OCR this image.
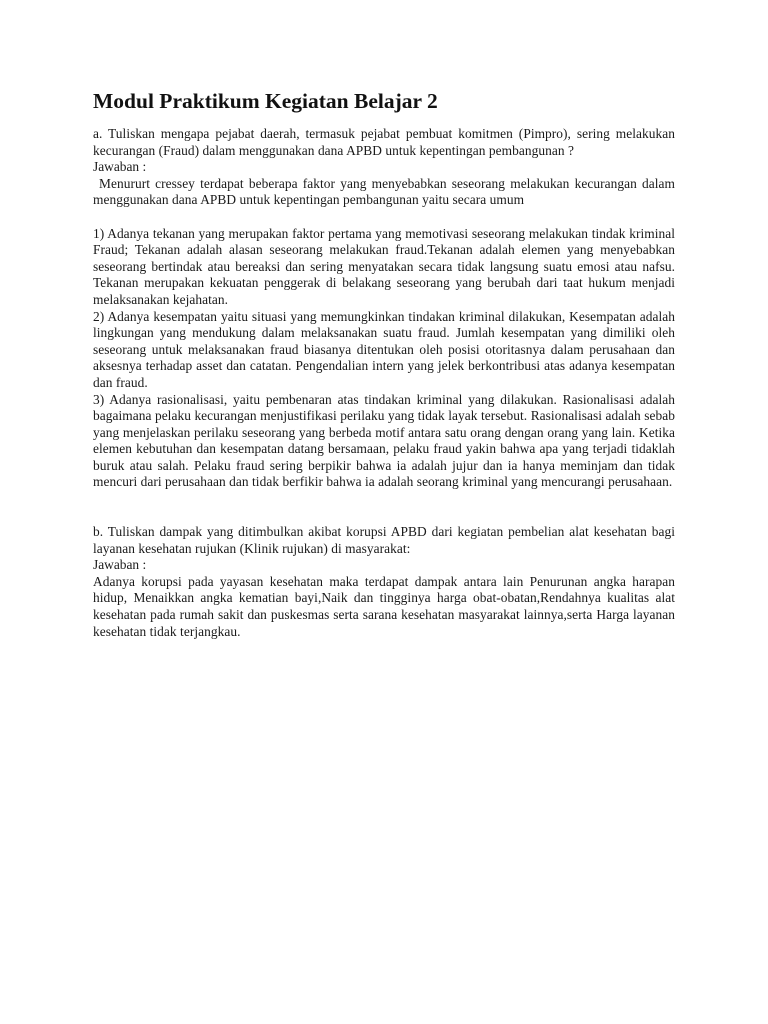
Modul Praktikum Kegiatan Belajar 2

a. Tuliskan mengapa pejabat daerah, termasuk pejabat pembuat komitmen (Pimpro), sering melakukan kecurangan (Fraud) dalam menggunakan dana APBD untuk kepentingan pembangunan ?

Jawaban :

Menururt cressey terdapat beberapa faktor yang menyebabkan seseorang melakukan kecurangan dalam menggunakan dana APBD untuk kepentingan pembangunan yaitu secara umum

1) Adanya tekanan yang merupakan faktor pertama yang memotivasi seseorang melakukan tindak kriminal Fraud; Tekanan adalah alasan seseorang melakukan fraud.Tekanan adalah elemen yang menyebabkan seseorang bertindak atau bereaksi dan sering menyatakan secara tidak langsung suatu emosi atau nafsu. Tekanan merupakan kekuatan penggerak di belakang seseorang yang berubah dari taat hukum menjadi melaksanakan kejahatan.

2) Adanya kesempatan yaitu situasi yang memungkinkan tindakan kriminal dilakukan, Kesempatan adalah lingkungan yang mendukung dalam melaksanakan suatu fraud. Jumlah kesempatan yang dimiliki oleh seseorang untuk melaksanakan fraud biasanya ditentukan oleh posisi otoritasnya dalam perusahaan dan aksesnya terhadap asset dan catatan. Pengendalian intern yang jelek berkontribusi atas adanya kesempatan dan fraud.

3) Adanya rasionalisasi, yaitu pembenaran atas tindakan kriminal yang dilakukan. Rasionalisasi adalah bagaimana pelaku kecurangan menjustifikasi perilaku yang tidak layak tersebut. Rasionalisasi adalah sebab yang menjelaskan perilaku seseorang yang berbeda motif antara satu orang dengan orang yang lain. Ketika elemen kebutuhan dan kesempatan datang bersamaan, pelaku fraud yakin bahwa apa yang terjadi tidaklah buruk atau salah. Pelaku fraud sering berpikir bahwa ia adalah jujur dan ia hanya meminjam dan tidak mencuri dari perusahaan dan tidak berfikir bahwa ia adalah seorang kriminal yang mencurangi perusahaan.

b. Tuliskan dampak yang ditimbulkan akibat korupsi APBD dari kegiatan pembelian alat kesehatan bagi layanan kesehatan rujukan (Klinik rujukan) di masyarakat:

Jawaban :

Adanya korupsi pada yayasan kesehatan maka terdapat dampak antara lain Penurunan angka harapan hidup, Menaikkan angka kematian bayi,Naik dan tingginya harga obat-obatan,Rendahnya kualitas alat kesehatan pada rumah sakit dan puskesmas serta sarana kesehatan masyarakat lainnya,serta Harga layanan kesehatan tidak terjangkau.
